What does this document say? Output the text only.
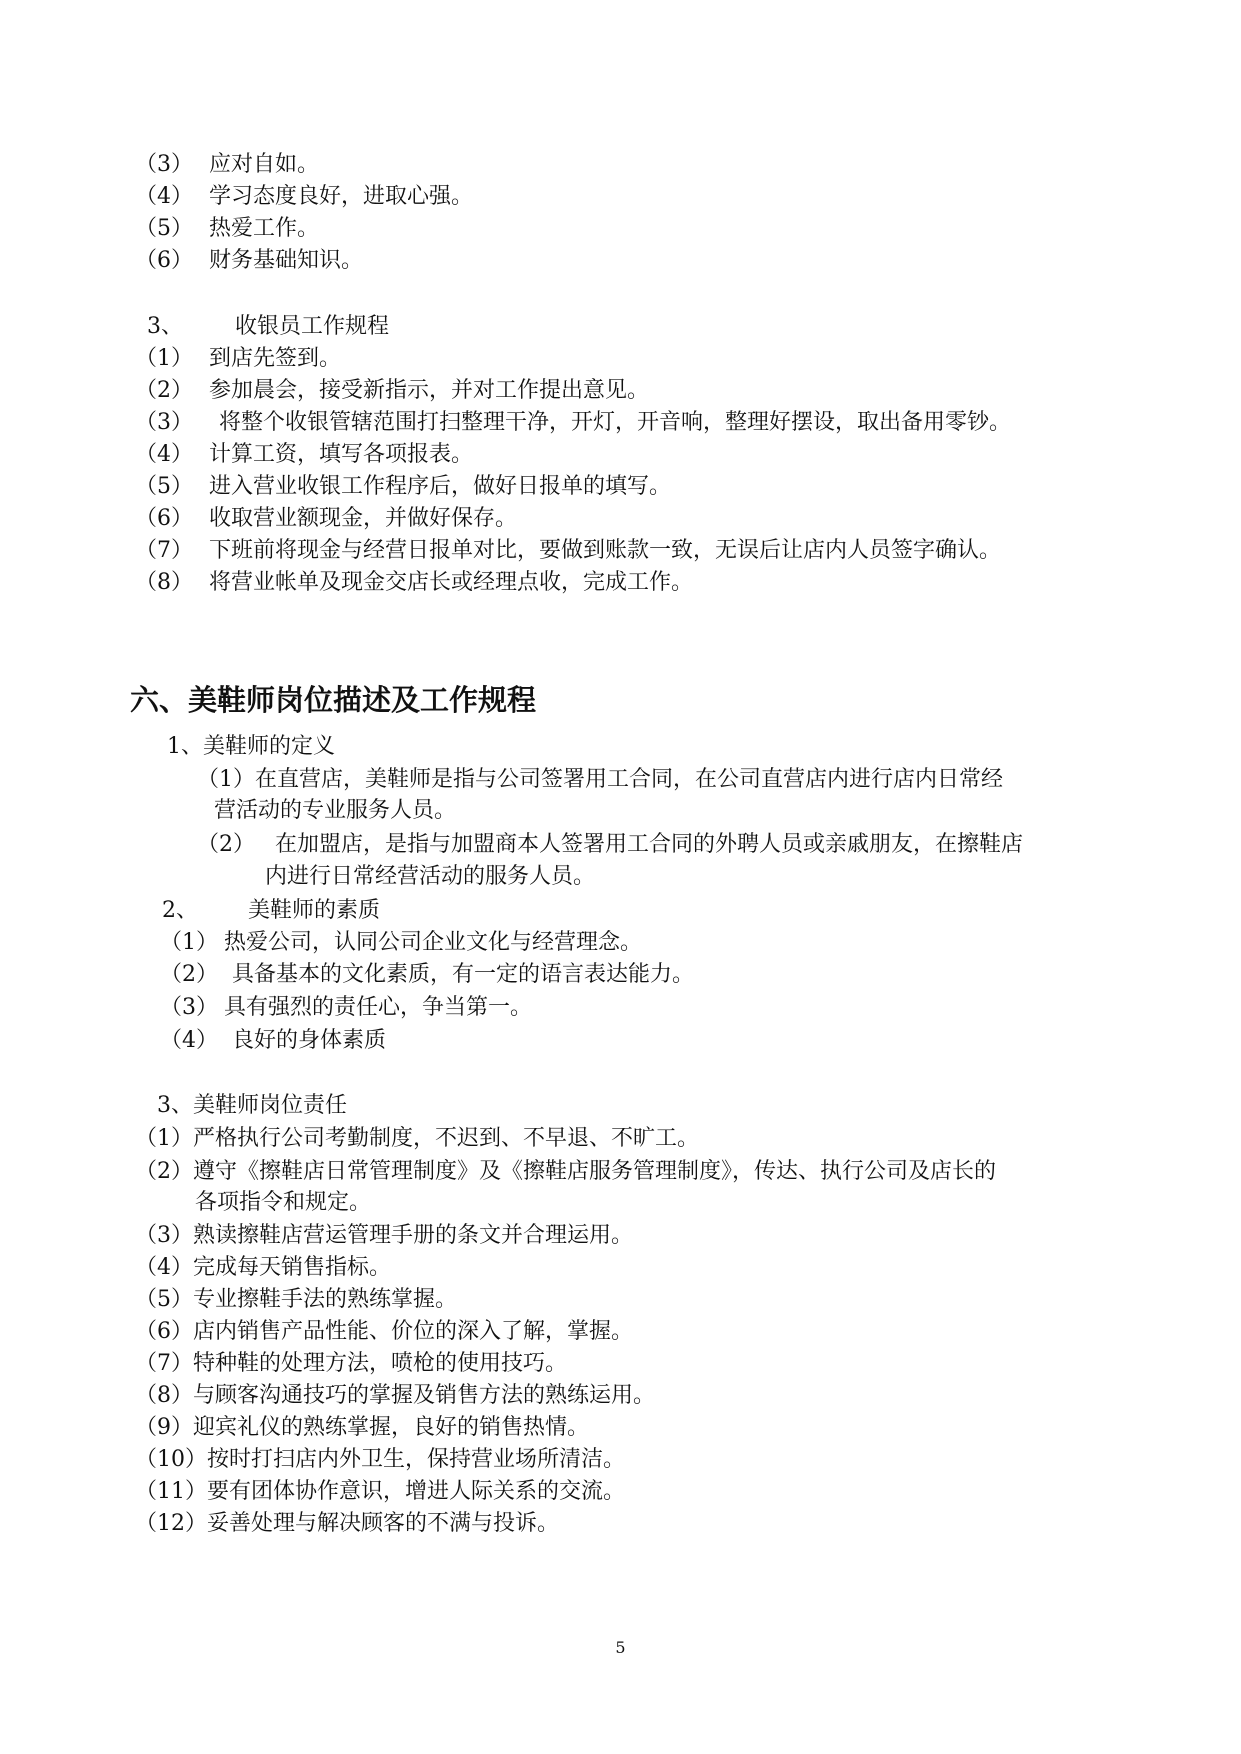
（3） 应对自如。
（4） 学习态度良好，进取心强。
（5） 热爱工作。
（6） 财务基础知识。
3、 收银员工作规程
（1） 到店先签到。
（2） 参加晨会，接受新指示，并对工作提出意见。
（3） 将整个收银管辖范围打扫整理干净，开灯，开音响，整理好摆设，取出备用零钞。
（4） 计算工资，填写各项报表。
（5） 进入营业收银工作程序后，做好日报单的填写。
（6） 收取营业额现金，并做好保存。
（7） 下班前将现金与经营日报单对比，要做到账款一致，无误后让店内人员签字确认。
（8） 将营业帐单及现金交店长或经理点收，完成工作。
六、美鞋师岗位描述及工作规程
1、美鞋师的定义
（1）在直营店，美鞋师是指与公司签署用工合同，在公司直营店内进行店内日常经
营活动的专业服务人员。
（2） 在加盟店，是指与加盟商本人签署用工合同的外聘人员或亲戚朋友，在擦鞋店
内进行日常经营活动的服务人员。
2、 美鞋师的素质
（1） 热爱公司，认同公司企业文化与经营理念。
（2） 具备基本的文化素质，有一定的语言表达能力。
（3） 具有强烈的责任心，争当第一。
（4） 良好的身体素质
3、美鞋师岗位责任
（1）严格执行公司考勤制度，不迟到、不早退、不旷工。
（2）遵守《擦鞋店日常管理制度》及《擦鞋店服务管理制度》，传达、执行公司及店长的
各项指令和规定。
（3）熟读擦鞋店营运管理手册的条文并合理运用。
（4）完成每天销售指标。
（5）专业擦鞋手法的熟练掌握。
（6）店内销售产品性能、价位的深入了解，掌握。
（7）特种鞋的处理方法，喷枪的使用技巧。
（8）与顾客沟通技巧的掌握及销售方法的熟练运用。
（9）迎宾礼仪的熟练掌握，良好的销售热情。
（10）按时打扫店内外卫生，保持营业场所清洁。
（11）要有团体协作意识，增进人际关系的交流。
（12）妥善处理与解决顾客的不满与投诉。
5
